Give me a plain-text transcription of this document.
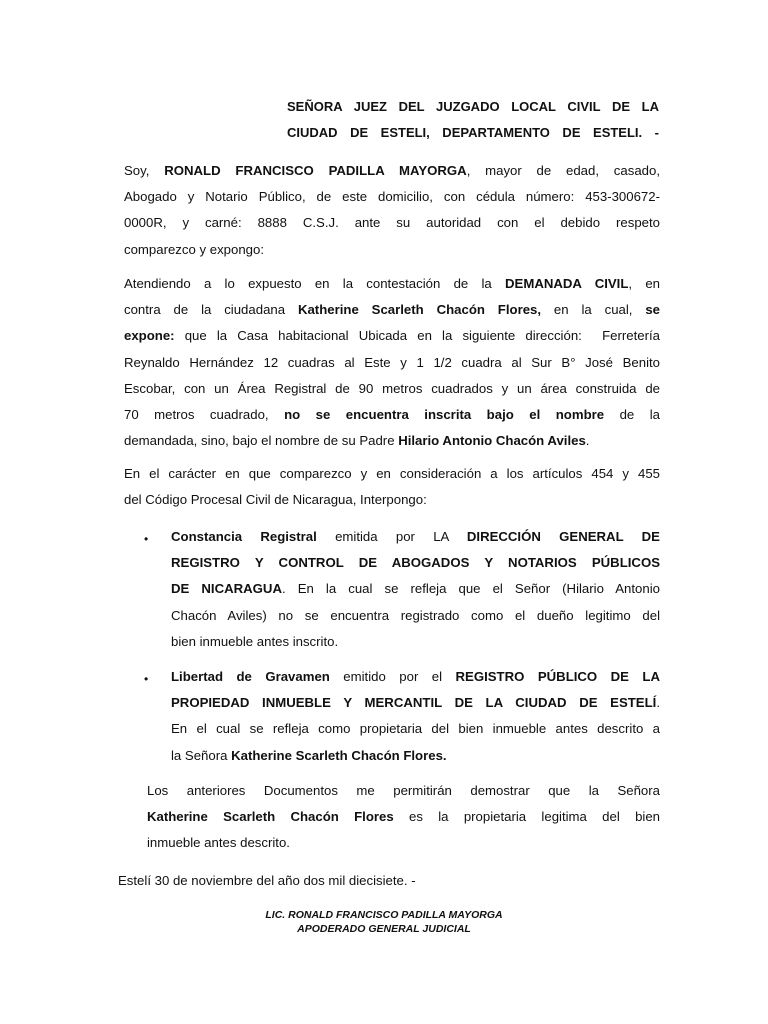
SEÑORA JUEZ DEL JUZGADO LOCAL CIVIL DE LA
CIUDAD DE ESTELI, DEPARTAMENTO DE ESTELI. -
Soy, RONALD FRANCISCO PADILLA MAYORGA, mayor de edad, casado,
Abogado y Notario Público, de este domicilio, con cédula número: 453-300672-
0000R, y carné: 8888 C.S.J. ante su autoridad con el debido respeto
comparezco y expongo:
Atendiendo a lo expuesto en la contestación de la DEMANADA CIVIL, en
contra de la ciudadana Katherine Scarleth Chacón Flores, en la cual, se
expone: que la Casa habitacional Ubicada en la siguiente dirección:  Ferretería
Reynaldo Hernández 12 cuadras al Este y 1 1/2 cuadra al Sur B° José Benito
Escobar, con un Área Registral de 90 metros cuadrados y un área construida de
70 metros cuadrado, no se encuentra inscrita bajo el nombre de la
demandada, sino, bajo el nombre de su Padre Hilario Antonio Chacón Aviles.
En el carácter en que comparezco y en consideración a los artículos 454 y 455
del Código Procesal Civil de Nicaragua, Interpongo:
• Constancia Registral emitida por LA DIRECCIÓN GENERAL DE
REGISTRO Y CONTROL DE ABOGADOS Y NOTARIOS PÚBLICOS
DE NICARAGUA. En la cual se refleja que el Señor (Hilario Antonio
Chacón Aviles) no se encuentra registrado como el dueño legitimo del
bien inmueble antes inscrito.
• Libertad de Gravamen emitido por el REGISTRO PÚBLICO DE LA
PROPIEDAD INMUEBLE Y MERCANTIL DE LA CIUDAD DE ESTELÍ.
En el cual se refleja como propietaria del bien inmueble antes descrito a
la Señora Katherine Scarleth Chacón Flores.
Los anteriores Documentos me permitirán demostrar que la Señora
Katherine Scarleth Chacón Flores es la propietaria legitima del bien
inmueble antes descrito.
Estelí 30 de noviembre del año dos mil diecisiete. -
LIC. RONALD FRANCISCO PADILLA MAYORGA
APODERADO GENERAL JUDICIAL
